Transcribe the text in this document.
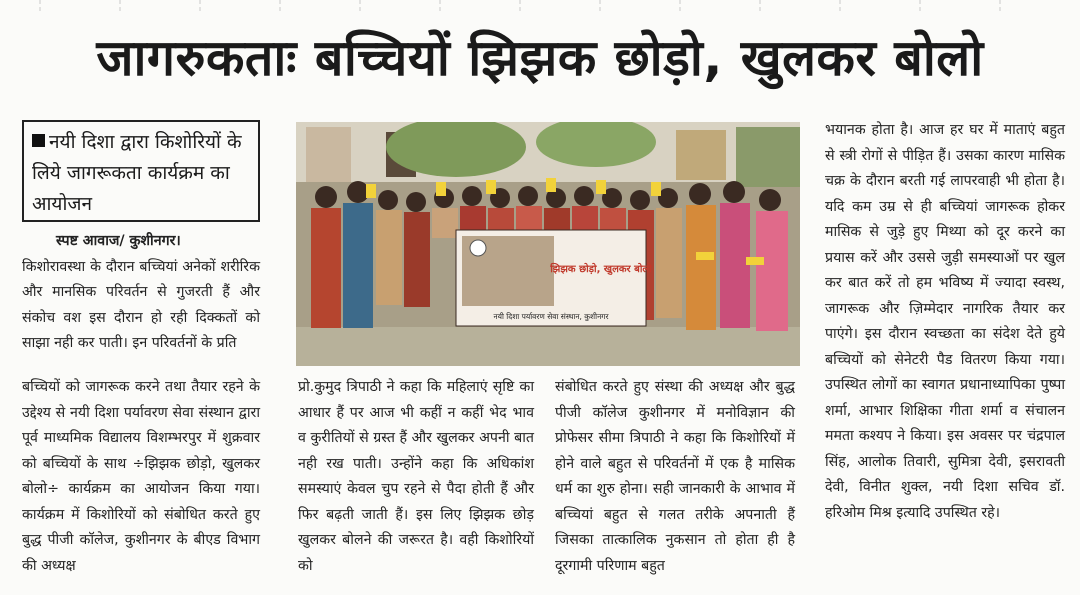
जागरुकताः बच्चियों झिझक छोड़ो, खुलकर बोलो
नयी दिशा द्वारा किशोरियों के लिये जागरूकता कार्यक्रम का आयोजन

स्पष्ट आवाज/ कुशीनगर।

किशोरावस्था के दौरान बच्चियां अनेकों शरीरिक और मानसिक परिवर्तन से गुजरती हैं और संकोच वश इस दौरान हो रही दिक्कतों को साझा नही कर पाती। इन परिवर्तनों के प्रति

बच्चियों को जागरूक करने तथा तैयार रहने के उद्देश्य से नयी दिशा पर्यावरण सेवा संस्थान द्वारा पूर्व माध्यमिक विद्यालय विशम्भरपुर में शुक्रवार को बच्चियों के साथ ÷झिझक छोड़ो, खुलकर बोलो÷ कार्यक्रम का आयोजन किया गया। कार्यक्रम में किशोरियों को संबोधित करते हुए बुद्ध पीजी कॉलेज, कुशीनगर के बीएड विभाग की अध्यक्ष

झिझक छोड़ो, खुलकर बोलो
नयी दिशा पर्यावरण सेवा संस्थान, कुशीनगर

प्रो.कुमुद त्रिपाठी ने कहा कि महिलाएं सृष्टि का आधार हैं पर आज भी कहीं न कहीं भेद भाव व कुरीतियों से ग्रस्त हैं और खुलकर अपनी बात नही रख पाती। उन्होंने कहा कि अधिकांश समस्याएं केवल चुप रहने से पैदा होती हैं और फिर बढ़ती जाती हैं। इस लिए झिझक छोड़ खुलकर बोलने की जरूरत है। वही किशोरियों को

संबोधित करते हुए संस्था की अध्यक्ष और बुद्ध पीजी कॉलेज कुशीनगर में मनोविज्ञान की प्रोफेसर सीमा त्रिपाठी ने कहा कि किशोरियों में होने वाले बहुत से परिवर्तनों में एक है मासिक धर्म का शुरु होना। सही जानकारी के आभाव में बच्चियां बहुत से गलत तरीके अपनाती हैं जिसका तात्कालिक नुकसान तो होता ही है दूरगामी परिणाम बहुत

भयानक होता है। आज हर घर में माताएं बहुत से स्त्री रोगों से पीड़ित हैं। उसका कारण मासिक चक्र के दौरान बरती गई लापरवाही भी होता है। यदि कम उम्र से ही बच्चियां जागरूक होकर मासिक से जुड़े हुए मिथ्या को दूर करने का प्रयास करें और उससे जुड़ी समस्याओं पर खुल कर बात करें तो हम भविष्य में ज्यादा स्वस्थ, जागरूक और ज़िम्मेदार नागरिक तैयार कर पाएंगे। इस दौरान स्वच्छता का संदेश देते हुये बच्चियों को सेनेटरी पैड वितरण किया गया। उपस्थित लोगों का स्वागत प्रधानाध्यापिका पुष्पा शर्मा, आभार शिक्षिका गीता शर्मा व संचालन ममता कश्यप ने किया। इस अवसर पर चंद्रपाल सिंह, आलोक तिवारी, सुमित्रा देवी, इसरावती देवी, विनीत शुक्ल, नयी दिशा सचिव डॉ. हरिओम मिश्र इत्यादि उपस्थित रहे।
